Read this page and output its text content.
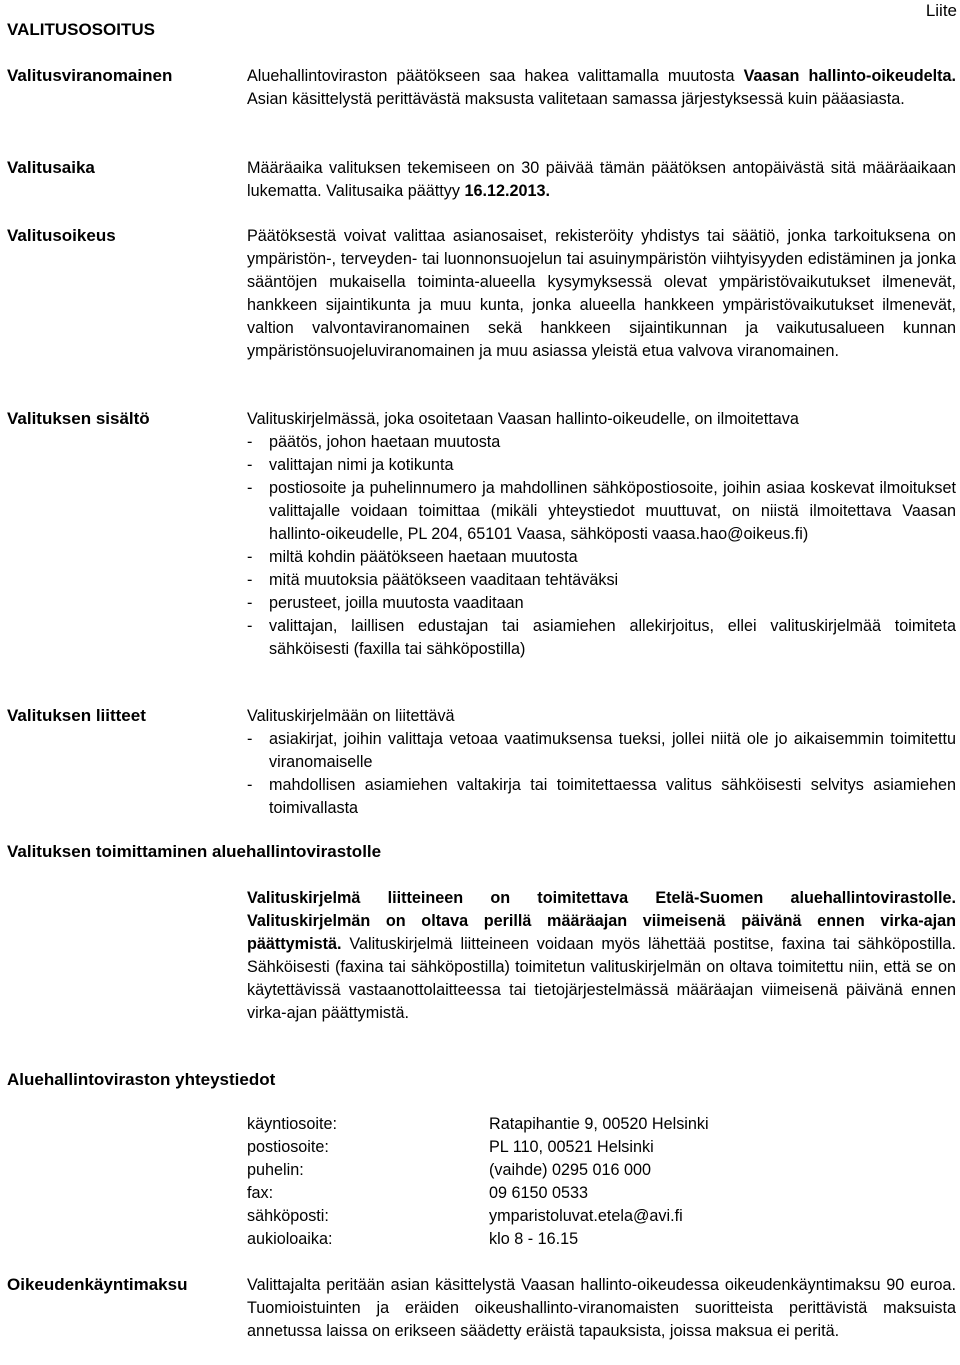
Liite
VALITUSOSOITUS
Valitusviranomainen	Aluehallintoviraston päätökseen saa hakea valittamalla muutosta Vaasan hallinto-oikeudelta. Asian käsittelystä perittävästä maksusta valitetaan samassa järjestyksessä kuin pääasiasta.

Valitusaika	Määräaika valituksen tekemiseen on 30 päivää tämän päätöksen antopäivästä sitä määräaikaan lukematta. Valitusaika päättyy 16.12.2013.

Valitusoikeus	Päätöksestä voivat valittaa asianosaiset, rekisteröity yhdistys tai säätiö, jonka tarkoituksena on ympäristön-, terveyden- tai luonnonsuojelun tai asuinympäristön viihtyisyyden edistäminen ja jonka sääntöjen mukaisella toiminta-alueella kysymyksessä olevat ympäristövaikutukset ilmenevät, hankkeen sijaintikunta ja muu kunta, jonka alueella hankkeen ympäristövaikutukset ilmenevät, valtion valvontaviranomainen sekä hankkeen sijaintikunnan ja vaikutusalueen kunnan ympäristönsuojeluviranomainen ja muu asiassa yleistä etua valvova viranomainen.

Valituksen sisältö	Valituskirjelmässä, joka osoitetaan Vaasan hallinto-oikeudelle, on ilmoitettava

- päätös, johon haetaan muutosta
- valittajan nimi ja kotikunta
- postiosoite ja puhelinnumero ja mahdollinen sähköpostiosoite, joihin asiaa koskevat ilmoitukset valittajalle voidaan toimittaa (mikäli yhteystiedot muuttuvat, on niistä ilmoitettava Vaasan hallinto-oikeudelle, PL 204, 65101 Vaasa, sähköposti vaasa.hao@oikeus.fi)
- miltä kohdin päätökseen haetaan muutosta
- mitä muutoksia päätökseen vaaditaan tehtäväksi
- perusteet, joilla muutosta vaaditaan
- valittajan, laillisen edustajan tai asiamiehen allekirjoitus, ellei valituskirjelmää toimiteta sähköisesti (faxilla tai sähköpostilla)
Valituksen liitteet	Valituskirjelmään on liitettävä

- asiakirjat, joihin valittaja vetoaa vaatimuksensa tueksi, jollei niitä ole jo aikaisemmin toimitettu viranomaiselle
- mahdollisen asiamiehen valtakirja tai toimitettaessa valitus sähköisesti selvitys asiamiehen toimivallasta
Valituksen toimittaminen aluehallintovirastolle

Valituskirjelmä liitteineen on toimitettava Etelä-Suomen aluehallintovirastolle. Valituskirjelmän on oltava perillä määräajan viimeisenä päivänä ennen virka-ajan päättymistä. Valituskirjelmä liitteineen voidaan myös lähettää postitse, faxina tai sähköpostilla. Sähköisesti (faxina tai sähköpostilla) toimitetun valituskirjelmän on oltava toimitettu niin, että se on käytettävissä vastaanottolaitteessa tai tietojärjestelmässä määräajan viimeisenä päivänä ennen virka-ajan päättymistä.

Aluehallintoviraston yhteystiedot
käyntiosoite:	Ratapihantie 9, 00520 Helsinki
postiosoite:	PL 110, 00521 Helsinki
puhelin:	(vaihde) 0295 016 000
fax:	09 6150 0533
sähköposti:	ymparistoluvat.etela@avi.fi
aukioloaika:	klo 8 - 16.15
Oikeudenkäyntimaksu	Valittajalta peritään asian käsittelystä Vaasan hallinto-oikeudessa oikeudenkäyntimaksu 90 euroa. Tuomioistuinten ja eräiden oikeushallinto-viranomaisten suoritteista perittävistä maksuista annetussa laissa on erikseen säädetty eräistä tapauksista, joissa maksua ei peritä.
